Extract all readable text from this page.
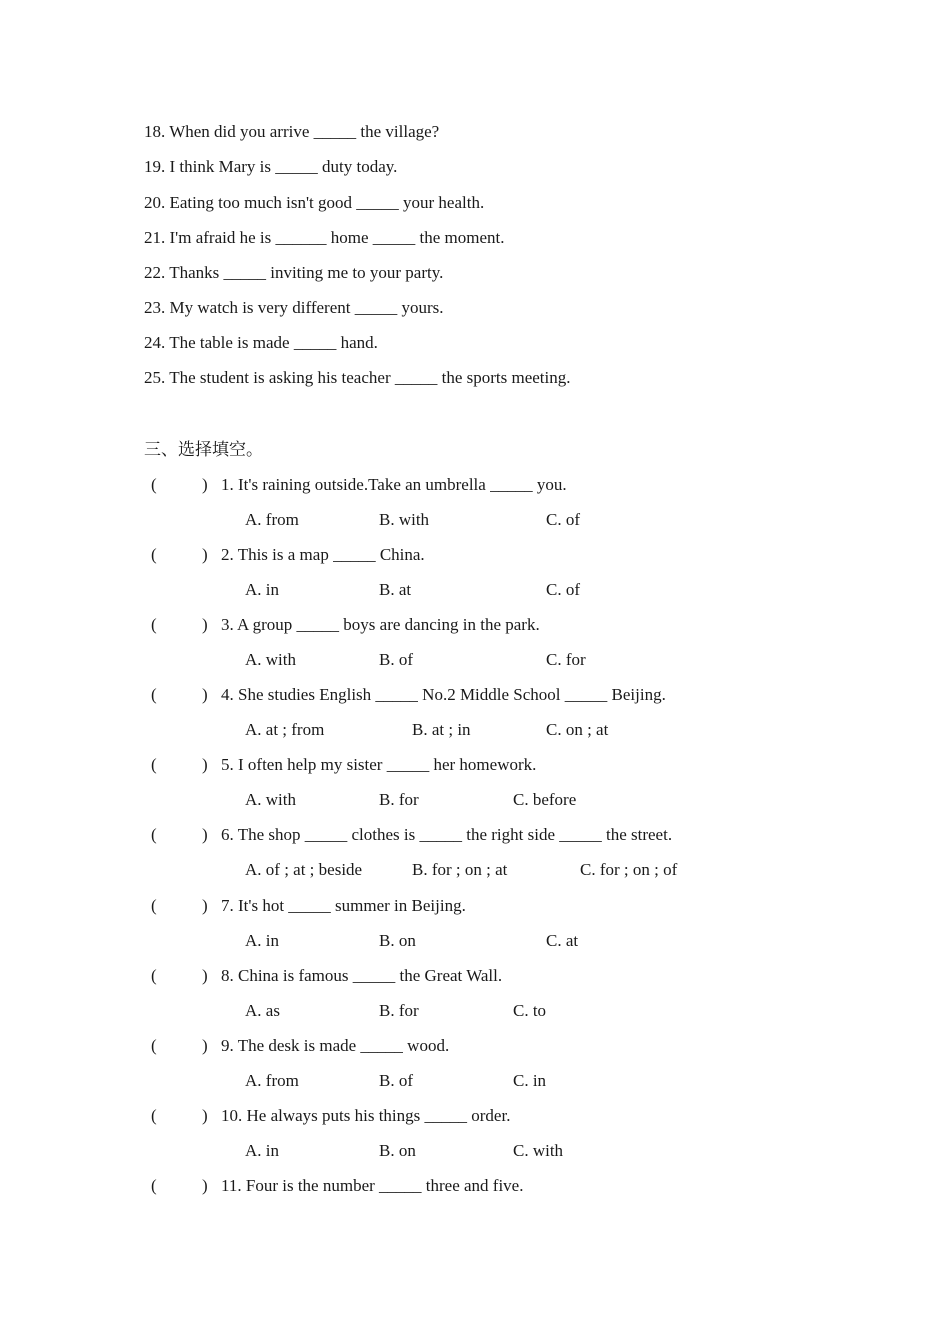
18. When did you arrive _____ the village?
19. I think Mary is _____ duty today.
20. Eating too much isn't good _____ your health.
21. I'm afraid he is ______ home _____ the moment.
22. Thanks _____ inviting me to your party.
23. My watch is very different _____ yours.
24. The table is made _____ hand.
25. The student is asking his teacher _____ the sports meeting.
三、选择填空。
(	) 1. It's raining outside.Take an umbrella _____ you.
A. from	B. with	C. of
(	) 2. This is a map _____ China.
A. in	B. at	C. of
(	) 3. A group _____ boys are dancing in the park.
A. with	B. of	C. for
(	) 4. She studies English _____ No.2 Middle School _____ Beijing.
A. at ; from	B. at ; in	C. on ; at
(	) 5. I often help my sister _____ her homework.
A. with	B. for	C. before
(	) 6. The shop _____ clothes is _____ the right side _____ the street.
A. of ; at ; beside	B. for ; on ; at	C. for ; on ; of
(	) 7. It's hot _____ summer in Beijing.
A. in	B. on	C. at
(	) 8. China is famous _____ the Great Wall.
A. as	B. for	C. to
(	) 9. The desk is made _____ wood.
A. from	B. of	C. in
(	) 10. He always puts his things _____ order.
A. in	B. on	C. with
(	) 11. Four is the number _____ three and five.
